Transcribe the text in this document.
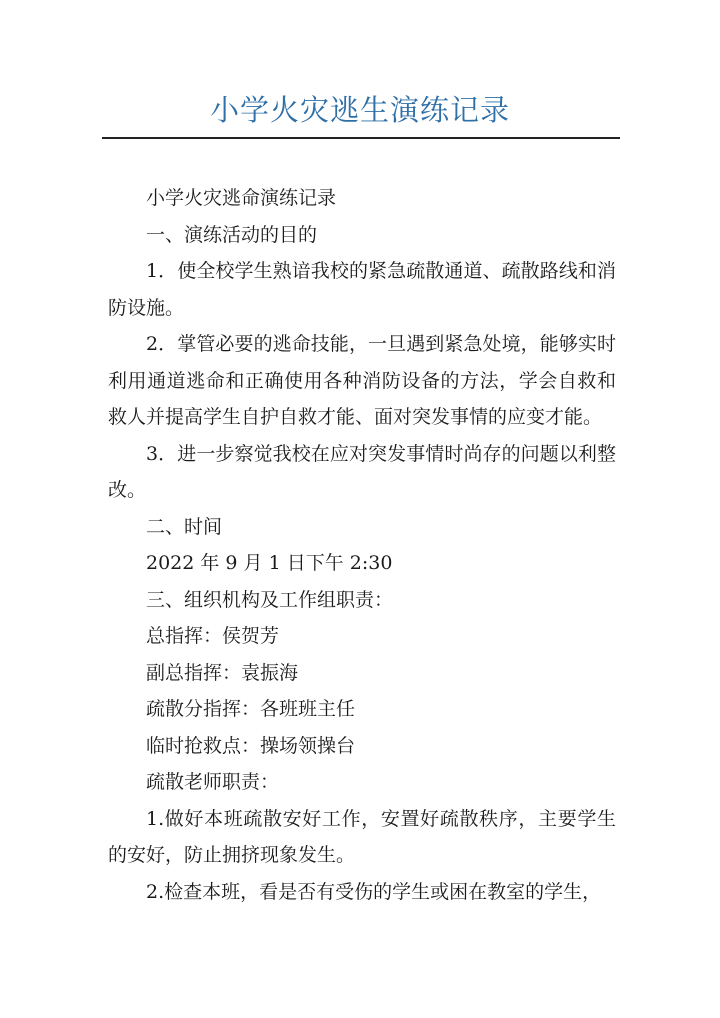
小学火灾逃生演练记录

小学火灾逃命演练记录

一、演练活动的目的

1．使全校学生熟谙我校的紧急疏散通道、疏散路线和消防设施。

2．掌管必要的逃命技能，一旦遇到紧急处境，能够实时利用通道逃命和正确使用各种消防设备的方法，学会自救和救人并提高学生自护自救才能、面对突发事情的应变才能。

3．进一步察觉我校在应对突发事情时尚存的问题以利整改。

二、时间

2022 年 9 月 1 日下午 2:30

三、组织机构及工作组职责：

总指挥：侯贺芳

副总指挥：袁振海

疏散分指挥：各班班主任

临时抢救点：操场领操台

疏散老师职责：

1.做好本班疏散安好工作，安置好疏散秩序，主要学生的安好，防止拥挤现象发生。

2.检查本班，看是否有受伤的学生或困在教室的学生，
